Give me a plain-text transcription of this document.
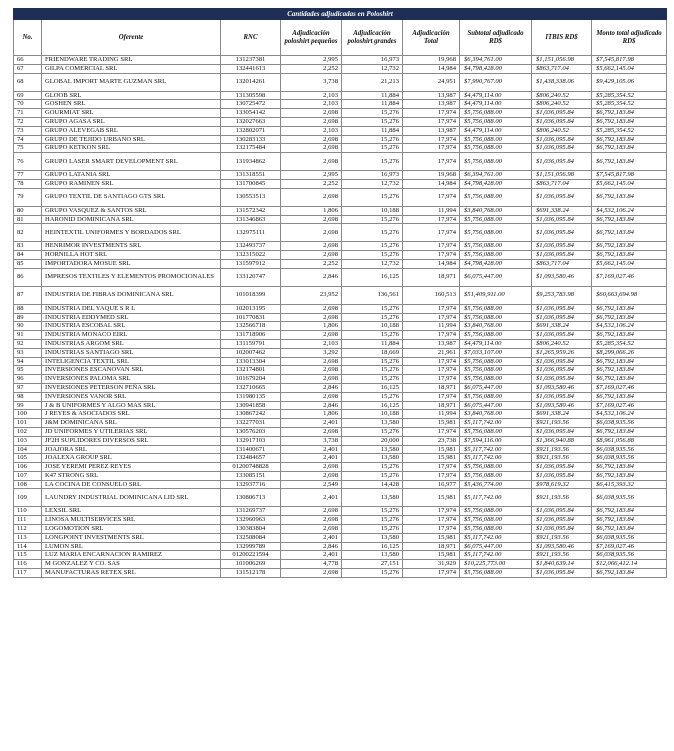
Cantidades adjudicadas en Poloshirt								
No.	Oferente	RNC	Adjudicación poloshirt pequeños	Adjudicación poloshirt grandes	Adjudicación Total	Subtotal adjudicado RD$	ITBIS RD$	Monto total adjudicado RD$
66	FRIENDWARE TRADING SRL	131237381	2,995	16,973	19,968	$6,394,761.00	$1,151,056.98	$7,545,817.98
67	GILPA COMERCIAL SRL	132441613	2,252	12,732	14,984	$4,798,428.00	$863,717.04	$5,662,145.04
68	GLOBAL IMPORT MARTE GUZMAN SRL	132014261	3,738	21,213	24,951	$7,990,767.00	$1,438,338.06	$9,429,105.06
69	GLOOB SRL	131305598	2,103	11,884	13,987	$4,479,114.00	$806,240.52	$5,285,354.52
70	GOSHEN SRL	130725472	2,103	11,884	13,987	$4,479,114.00	$806,240.52	$5,285,354.52
71	GOURMIAT SRL	133054142	2,698	15,276	17,974	$5,756,088.00	$1,036,095.84	$6,792,183.84
72	GRUPO AGASA SRL	132027663	2,698	15,276	17,974	$5,756,088.00	$1,036,095.84	$6,792,183.84
73	GRUPO ALEVEGAB SRL	132802071	2,103	11,884	13,987	$4,479,114.00	$806,240.52	$5,285,354.52
74	GRUPO DE TEJIDO URBANO SRL	130283133	2,698	15,276	17,974	$5,756,088.00	$1,036,095.84	$6,792,183.84
75	GRUPO KETKON SRL	132175484	2,698	15,276	17,974	$5,756,088.00	$1,036,095.84	$6,792,183.84
76	GRUPO LASER SMART DEVELOPMENT SRL	131934862	2,698	15,276	17,974	$5,756,088.00	$1,036,095.84	$6,792,183.84
77	GRUPO LATANIA SRL	131318551	2,995	16,973	19,968	$6,394,761.00	$1,151,056.98	$7,545,817.98
78	GRUPO RAMINEN SRL	131700845	2,252	12,732	14,984	$4,798,428.00	$863,717.04	$5,662,145.04
79	GRUPO TEXTIL DE SANTIAGO GTS SRL	130553513	2,698	15,276	17,974	$5,756,088.00	$1,036,095.84	$6,792,183.84
80	GRUPO VASQUEZ & SANTOS SRL	131572342	1,806	10,188	11,994	$3,840,768.00	$691,338.24	$4,532,106.24
81	HARONID DOMINICANA SRL	131346863	2,698	15,276	17,974	$5,756,088.00	$1,036,095.84	$6,792,183.84
82	HEINTEXTIL UNIFORMES Y BORDADOS SRL	132975111	2,698	15,276	17,974	$5,756,088.00	$1,036,095.84	$6,792,183.84
83	HENRIMOR INVESTMENTS SRL	132493737	2,698	15,276	17,974	$5,756,088.00	$1,036,095.84	$6,792,183.84
84	HORNILLA HOT SRL	132315022	2,698	15,276	17,974	$5,756,088.00	$1,036,095.84	$6,792,183.84
85	IMPORTADORA MOSUE SRL	131597912	2,252	12,732	14,984	$4,798,428.00	$863,717.04	$5,662,145.04
86	IMPRESOS TEXTILES Y ELEMENTOS PROMOCIONALES	133120747	2,846	16,125	18,971	$6,075,447.00	$1,093,580.46	$7,169,027.46
87	INDUSTRIA DE FIBRAS DOMINICANA SRL	101018399	23,952	136,561	160,513	$51,409,911.00	$9,253,783.98	$60,663,694.98
88	INDUSTRIA DEL YAQUE S R L	102013195	2,698	15,276	17,974	$5,756,088.00	$1,036,095.84	$6,792,183.84
89	INDUSTRIA EDDYMED SRL	101770831	2,698	15,276	17,974	$5,756,088.00	$1,036,095.84	$6,792,183.84
90	INDUSTRIA ESCOBAL SRL	132566718	1,806	10,188	11,994	$3,840,768.00	$691,338.24	$4,532,106.24
91	INDUSTRIA MONACO EIRL	131718906	2,698	15,276	17,974	$5,756,088.00	$1,036,095.84	$6,792,183.84
92	INDUSTRIAS ARGOM SRL	131159791	2,103	11,884	13,987	$4,479,114.00	$806,240.52	$5,285,354.52
93	INDUSTRIAS SANTIAGO SRL	102007462	3,292	18,669	21,961	$7,033,107.00	$1,265,959.26	$8,299,066.26
94	INTELIGENCIA TEXTIL SRL	133013304	2,698	15,276	17,974	$5,756,088.00	$1,036,095.84	$6,792,183.84
95	INVERSIONES ESCANOVAN SRL	132174801	2,698	15,276	17,974	$5,756,088.00	$1,036,095.84	$6,792,183.84
96	INVERSIONES PALOMA SRL	101679204	2,698	15,276	17,974	$5,756,088.00	$1,036,095.84	$6,792,183.84
97	INVERSIONES PETERSON PEÑA SRL	132710665	2,846	16,125	18,971	$6,075,447.00	$1,093,580.46	$7,169,027.46
98	INVERSIONES VANOR SRL	131980135	2,698	15,276	17,974	$5,756,088.00	$1,036,095.84	$6,792,183.84
99	J & B UNIFORMES Y ALGO MAS SRL	130941858	2,846	16,125	18,971	$6,075,447.00	$1,093,580.46	$7,169,027.46
100	J REYES & ASOCIADOS SRL	130867242	1,806	10,188	11,994	$3,840,768.00	$691,338.24	$4,532,106.24
101	J&M DOMINICANA SRL	132277031	2,401	13,580	15,981	$5,117,742.00	$921,193.56	$6,038,935.56
102	JD UNIFORMES Y UTILERIAS SRL	130576203	2,698	15,276	17,974	$5,756,088.00	$1,036,095.84	$6,792,183.84
103	JF2H SUPLIDORES DIVERSOS SRL	132917103	3,738	20,000	23,738	$7,594,116.00	$1,366,940.88	$8,961,056.88
104	JOAJORA SRL	131400671	2,401	13,580	15,981	$5,117,742.00	$921,193.56	$6,038,935.56
105	JOALEXA GROUP SRL	132484657	2,401	13,580	15,981	$5,117,742.00	$921,193.56	$6,038,935.56
106	JOSE YEREMI PEREZ REYES	01200748828	2,698	15,276	17,974	$5,756,088.00	$1,036,095.84	$6,792,183.84
107	K47 STRONG SRL	133085151	2,698	15,276	17,974	$5,756,088.00	$1,036,095.84	$6,792,183.84
108	LA COCINA DE CONSUELO SRL	132937716	2,549	14,428	16,977	$5,436,774.00	$978,619.32	$6,415,393.32
109	LAUNDRY INDUSTRIAL DOMINICANA LID SRL	130806713	2,401	13,580	15,981	$5,117,742.00	$921,193.56	$6,038,935.56
110	LEXSIL SRL	131269737	2,698	15,276	17,974	$5,756,088.00	$1,036,095.84	$6,792,183.84
111	LINOSA MULTISERVICES SRL	132960963	2,698	15,276	17,974	$5,756,088.00	$1,036,095.84	$6,792,183.84
112	LOGOMOTION SRL	130383804	2,698	15,276	17,974	$5,756,088.00	$1,036,095.84	$6,792,183.84
113	LONGPOINT INVESTMENTS SRL	132508084	2,401	13,580	15,981	$5,117,742.00	$921,193.56	$6,038,935.56
114	LUMON SRL	132999789	2,846	16,125	18,971	$6,075,447.00	$1,093,580.46	$7,169,027.46
115	LUZ MARIA ENCARNACION RAMIREZ	01200221594	2,401	13,580	15,981	$5,117,742.00	$921,193.56	$6,038,935.56
116	M GONZALEZ Y CO. SAS	101006269	4,778	27,151	31,929	$10,225,773.00	$1,840,639.14	$12,066,412.14
117	MANUFACTURAS RETEX SRL	131512178	2,698	15,276	17,974	$5,756,088.00	$1,036,095.84	$6,792,183.84
